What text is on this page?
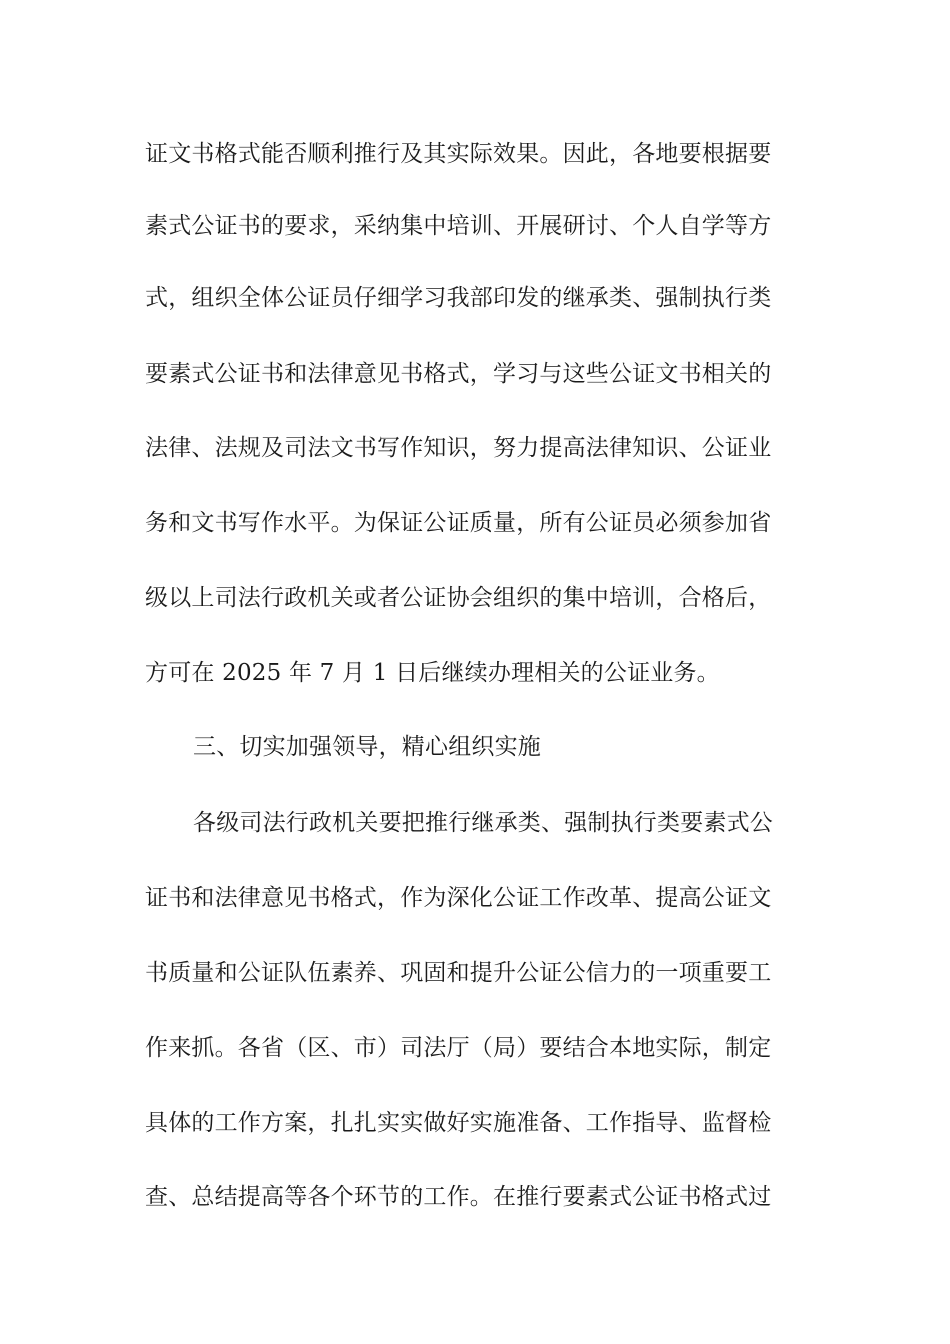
证文书格式能否顺利推行及其实际效果。因此，各地要根据要
素式公证书的要求，采纳集中培训、开展研讨、个人自学等方
式，组织全体公证员仔细学习我部印发的继承类、强制执行类
要素式公证书和法律意见书格式，学习与这些公证文书相关的
法律、法规及司法文书写作知识，努力提高法律知识、公证业
务和文书写作水平。为保证公证质量，所有公证员必须参加省
级以上司法行政机关或者公证协会组织的集中培训，合格后，
方可在 2025 年 7 月 1 日后继续办理相关的公证业务。
三、切实加强领导，精心组织实施
各级司法行政机关要把推行继承类、强制执行类要素式公
证书和法律意见书格式，作为深化公证工作改革、提高公证文
书质量和公证队伍素养、巩固和提升公证公信力的一项重要工
作来抓。各省（区、市）司法厅（局）要结合本地实际，制定
具体的工作方案，扎扎实实做好实施准备、工作指导、监督检
查、总结提高等各个环节的工作。在推行要素式公证书格式过
